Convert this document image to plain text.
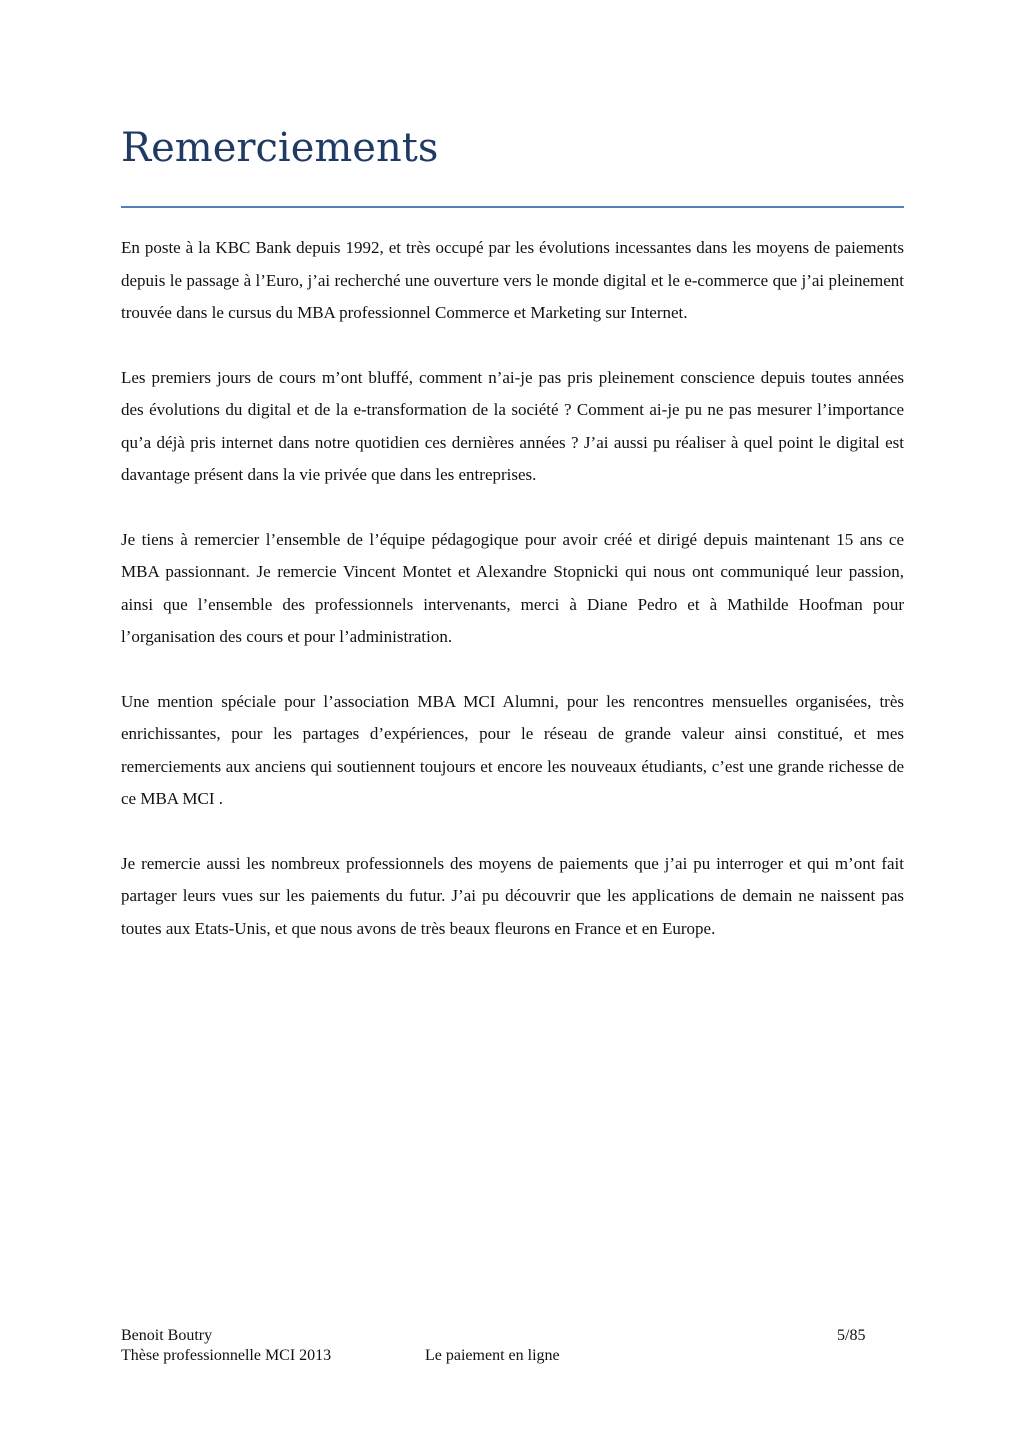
Remerciements

En poste à la KBC Bank depuis 1992, et très occupé par les évolutions incessantes dans les moyens de paiements depuis le passage à l’Euro, j’ai recherché une ouverture vers le monde digital et le e-commerce que j’ai pleinement trouvée dans le cursus du MBA professionnel Commerce et Marketing sur Internet.

Les premiers jours de cours m’ont bluffé, comment n’ai-je pas pris pleinement conscience depuis toutes années des évolutions du digital et de la e-transformation de la société ? Comment ai-je pu ne pas mesurer l’importance qu’a déjà pris internet dans notre quotidien ces dernières années ? J’ai aussi pu réaliser à quel point le digital est davantage présent dans la vie privée que dans les entreprises.

Je tiens à remercier l’ensemble de l’équipe pédagogique pour avoir créé et dirigé depuis maintenant 15 ans ce MBA passionnant. Je remercie Vincent Montet et Alexandre Stopnicki qui nous ont communiqué leur passion, ainsi que l’ensemble des professionnels intervenants, merci à Diane Pedro et à Mathilde Hoofman pour l’organisation des cours et pour l’administration.

Une mention spéciale pour l’association MBA MCI Alumni, pour les rencontres mensuelles organisées, très enrichissantes, pour les partages d’expériences, pour le réseau de grande valeur ainsi constitué, et mes remerciements aux anciens qui soutiennent toujours et encore les nouveaux étudiants, c’est une grande richesse de ce MBA MCI .

Je remercie aussi les nombreux professionnels des moyens de paiements que j’ai pu interroger et qui m’ont fait partager leurs vues sur les paiements du futur. J’ai pu découvrir que les applications de demain ne naissent pas toutes aux Etats-Unis, et que nous avons de très beaux fleurons en France et en Europe.

Benoit Boutry	5/85
Thèse professionnelle MCI 2013	Le paiement en ligne
